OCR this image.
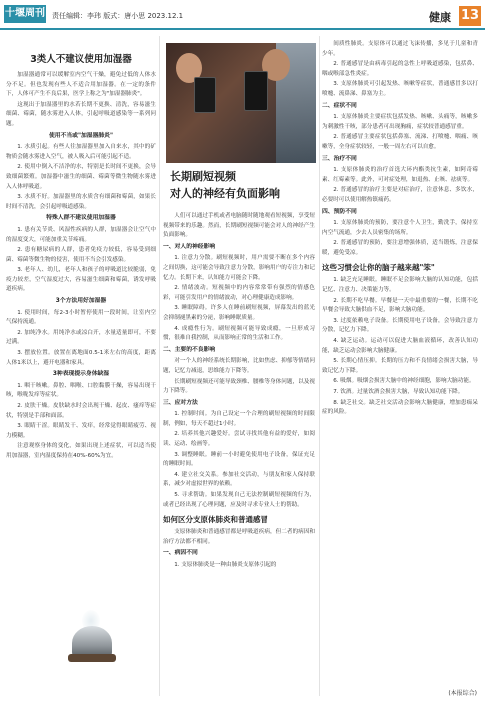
十堰周刊 责任编辑：李玮 版式：唐小思 2023.12.1	健康 13
3类人不建议使用加湿器

加湿器通常可以缓解室内空气干燥，避免过低的人体水分不足。但也发现有些人不适合用加湿器。在一定的条件下，人体可产生不良后果，医学上称之为"加湿器肺炎"。

这现出于加湿器里的水若长期不更换、清洗，容易滋生细菌、霉菌，随水雾进入人体，引起呼吸道感染等一系列问题。

使用不当或"加湿器肺炎"

1. 水质引起。有些人往加湿器里加入自来水，其中的矿物质会随水雾进入空气，被人吸入后可能引起不适。

2. 使用中倒入不洁净的水，特别是长时间不更换，会导致细菌繁殖。加湿器中滋生的细菌、霉菌等微生物随水雾进入人体呼吸道。

3. 水质不好。加湿器里的水质含有细菌和霉菌，如果长时间不清洗，会引起呼吸道感染。

特殊人群不建议使用加湿器

1. 患有关节炎、风湿性疾病的人群，加湿器会让空气中的湿度变大，可能加重关节疼痛。

2. 患有糖尿病的人群，患者免疫力较低，容易受到细菌、霉菌等微生物的侵害，使用不当会引发感染。

3. 老年人、幼儿，老年人和孩子的呼吸道比较脆弱，免疫力较差，空气湿度过大，容易滋生细菌和霉菌，诱发呼吸道疾病。

3个方法用好加湿器

1. 使用时间，每2-3小时暂停使用一段时间，让室内空气保持流通。

2. 加纯净水。用纯净水或凉白开，水量适量即可，不要过满。

3. 摆放位置。放置在离地面0.5-1米左右的高度，距离人体1米以上，避开电器和家具。

3种表现提示身体缺湿

1. 咽干咳嗽。鼻腔、咽喉、口腔黏膜干燥，容易出现干咳，喉咙发痒等症状。

2. 皮肤干燥。皮肤缺水时会出现干燥、起皮、瘙痒等症状，特别是手部和面部。

3. 眼睛干涩。眼睛发干、发痒，经常觉得眼睛疲劳、视力模糊。

注意观察身体的变化，如果出现上述症状，可以适当使用加湿器，室内湿度保持在40%-60%为宜。

长期刷短视频
对人的神经有负面影响

人们可以通过手机或者电脑随时随地观看短视频，享受短视频带来的乐趣。然而，长期刷短视频可能会对人的神经产生负面影响。

一、对人的神经影响

1. 注意力分散。刷短视频时，用户需要不断在多个内容之间切换，这可能会导致注意力分散，影响用户的专注力和记忆力。长期下来，认知能力可能会下降。

2. 情绪波动。短视频中的内容常常带有强烈的情感色彩，可能引发用户的情绪波动，对心理健康造成影响。

3. 睡眠障碍。许多人在睡前刷短视频，屏幕发出的蓝光会抑制褪黑素的分泌，影响睡眠质量。

4. 成瘾性行为。刷短视频可能导致成瘾，一旦形成习惯，很难自我控制，从而影响正常的生活和工作。

二、主要的不良影响

对一个人的神经系统长期影响，比如焦虑、抑郁等情绪问题，记忆力减退，思维能力下降等。

长期刷短视频还可能导致颈椎、腰椎等身体问题，以及视力下降等。

三、应对方法

1. 控制时间。为自己设定一个合理的刷短视频的时间限制，例如，每天不超过1小时。

2. 培养其他兴趣爱好。尝试寻找其他有益的爱好，如阅读、运动、绘画等。

3. 调整睡眠。睡前一小时避免使用电子设备，保证充足的睡眠时间。

4. 建立社交关系。参加社交活动，与朋友和家人保持联系，减少对虚拟世界的依赖。

5. 寻求帮助。如果发现自己无法控制刷短视频的行为，或者已经出现了心理问题，应及时寻求专业人士的帮助。

如何区分支原体肺炎和普通感冒

支原体肺炎和普通感冒都是呼吸道疾病，但二者的病因和治疗方法都不相同。

一、病因不同

1. 支原体肺炎是一种由肺炎支原体引起的

间质性肺炎。支原体可以通过飞沫传播，多见于儿童和青少年。

2. 普通感冒是由病毒引起的急性上呼吸道感染，包括鼻、咽或喉部急性炎症。

3. 支原体肺炎可引起发热、咳嗽等症状，普通感冒多以打喷嚏、流鼻涕、鼻塞为主。

二、症状不同

1. 支原体肺炎主要症状包括发热、咳嗽、头痛等，咳嗽多为刺激性干咳，部分患者可出现胸痛，症状较普通感冒重。

2. 普通感冒主要症状包括鼻塞、流涕、打喷嚏、咽痛、咳嗽等，全身症状较轻，一般一周左右可以自愈。

三、治疗不同

1. 支原体肺炎的治疗首选大环内酯类抗生素，如阿奇霉素、红霉素等。此外，可对症处理，如退热、止咳、祛痰等。

2. 普通感冒的治疗主要是对症治疗，注意休息、多饮水，必要时可以使用解热镇痛药。

四、预防不同

1. 支原体肺炎的预防，要注意个人卫生，勤洗手，保持室内空气流通，少去人员密集的场所。

2. 普通感冒的预防，要注意增强体质，适当锻炼，注意保暖，避免受凉。

这些习惯会让你的脑子越来越"笨"

1. 缺乏充足睡眠。睡眠不足会影响大脑的认知功能，包括记忆、注意力、决策能力等。

2. 长期不吃早餐。早餐是一天中最重要的一餐，长期不吃早餐会导致大脑供血不足，影响大脑功能。

3. 过度依赖电子设备。长期使用电子设备，会导致注意力分散，记忆力下降。

4. 缺乏运动。运动可以促进大脑血液循环，改善认知功能，缺乏运动会影响大脑健康。

5. 长期心情压抑。长期的压力和不良情绪会损害大脑，导致记忆力下降。

6. 吸烟。吸烟会损害大脑中的神经细胞，影响大脑功能。

7. 饮酒。过量饮酒会损害大脑，导致认知功能下降。

8. 缺乏社交。缺乏社交活动会影响大脑健康，增加患痴呆症的风险。

(本报综合)
